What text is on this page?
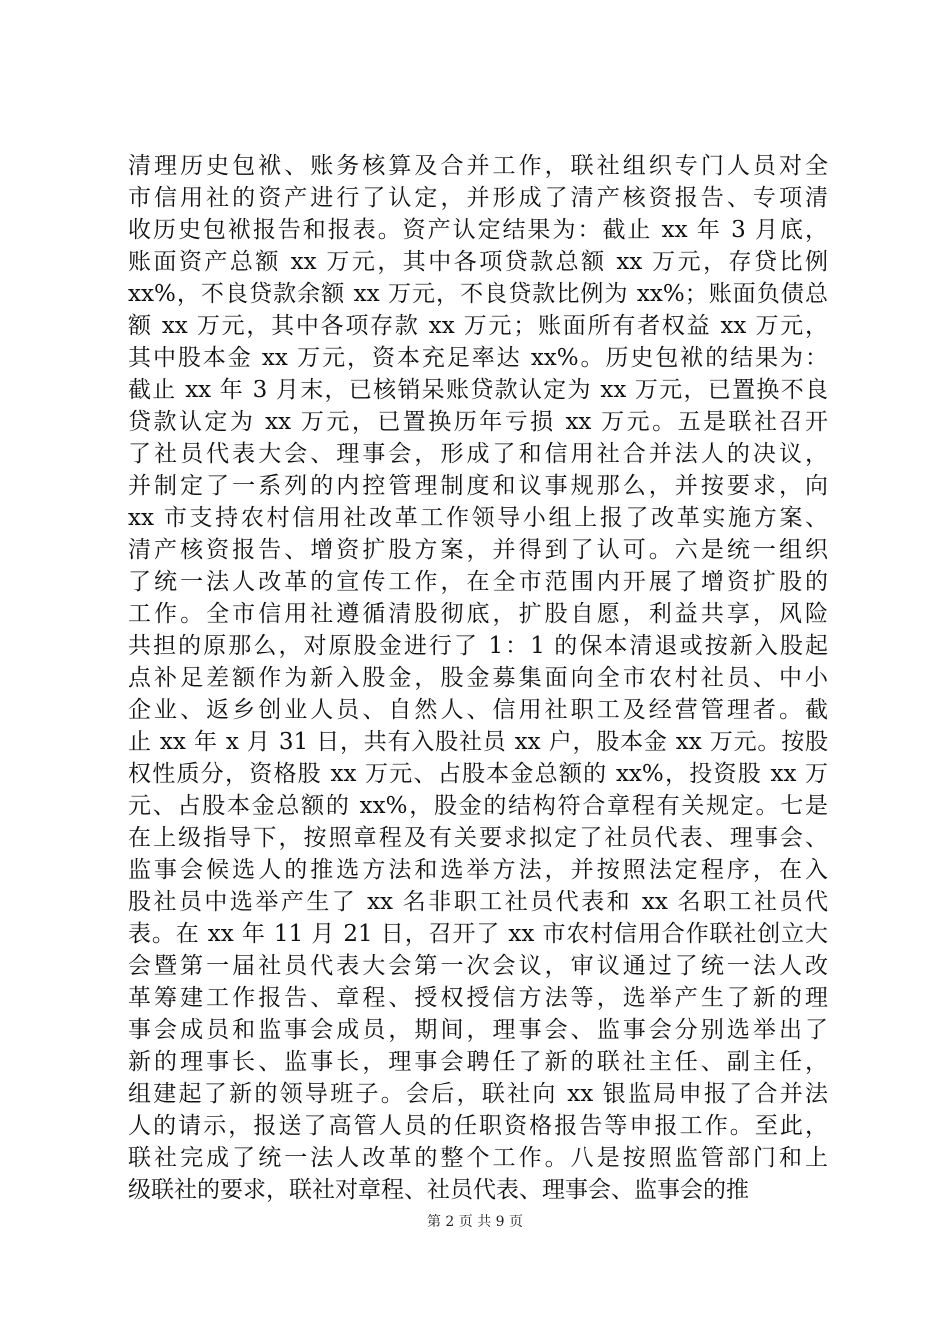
清理历史包袱、账务核算及合并工作，联社组织专门人员对全
市信用社的资产进行了认定，并形成了清产核资报告、专项清
收历史包袱报告和报表。资产认定结果为：截止 xx 年 3 月底，
账面资产总额 xx 万元，其中各项贷款总额 xx 万元，存贷比例
xx%，不良贷款余额 xx 万元，不良贷款比例为 xx%；账面负债总
额 xx 万元，其中各项存款 xx 万元；账面所有者权益 xx 万元，
其中股本金 xx 万元，资本充足率达 xx%。历史包袱的结果为：
截止 xx 年 3 月末，已核销呆账贷款认定为 xx 万元，已置换不良
贷款认定为 xx 万元，已置换历年亏损 xx 万元。五是联社召开
了社员代表大会、理事会，形成了和信用社合并法人的决议，
并制定了一系列的内控管理制度和议事规那么，并按要求，向
xx 市支持农村信用社改革工作领导小组上报了改革实施方案、
清产核资报告、增资扩股方案，并得到了认可。六是统一组织
了统一法人改革的宣传工作，在全市范围内开展了增资扩股的
工作。全市信用社遵循清股彻底，扩股自愿，利益共享，风险
共担的原那么，对原股金进行了 1：1 的保本清退或按新入股起
点补足差额作为新入股金，股金募集面向全市农村社员、中小
企业、返乡创业人员、自然人、信用社职工及经营管理者。截
止 xx 年 x 月 31 日，共有入股社员 xx 户，股本金 xx 万元。按股
权性质分，资格股 xx 万元、占股本金总额的 xx%，投资股 xx 万
元、占股本金总额的 xx%，股金的结构符合章程有关规定。七是
在上级指导下，按照章程及有关要求拟定了社员代表、理事会、
监事会候选人的推选方法和选举方法，并按照法定程序，在入
股社员中选举产生了 xx 名非职工社员代表和 xx 名职工社员代
表。在 xx 年 11 月 21 日，召开了 xx 市农村信用合作联社创立大
会暨第一届社员代表大会第一次会议，审议通过了统一法人改
革筹建工作报告、章程、授权授信方法等，选举产生了新的理
事会成员和监事会成员，期间，理事会、监事会分别选举出了
新的理事长、监事长，理事会聘任了新的联社主任、副主任，
组建起了新的领导班子。会后，联社向 xx 银监局申报了合并法
人的请示，报送了高管人员的任职资格报告等申报工作。至此，
联社完成了统一法人改革的整个工作。八是按照监管部门和上
级联社的要求，联社对章程、社员代表、理事会、监事会的推
第 2 页 共 9 页
